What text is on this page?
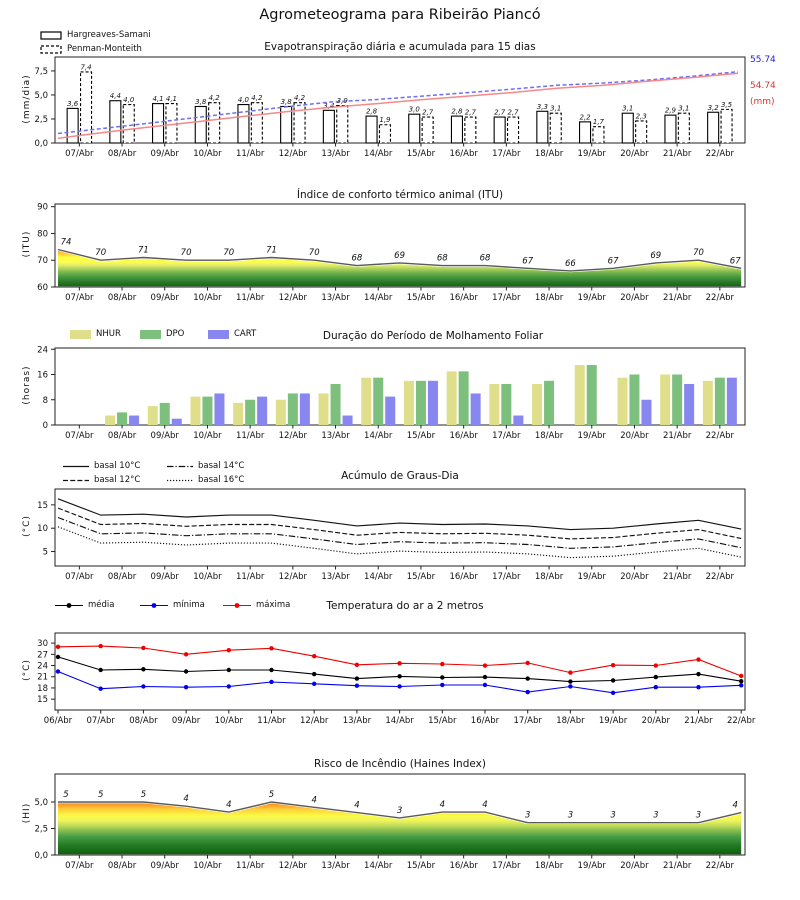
Agrometeograma para Ribeirão Piancó
Evapotranspiração diária e acumulada para 15 dias
Índice de conforto térmico animal (ITU)
Duração do Período de Molhamento Foliar
Acúmulo de Graus-Dia
Temperatura do ar a 2 metros
Risco de Incêndio (Haines Index)
(mm/dia)
(ITU)
(horas)
(°C)
(°C)
(HI)
Hargreaves-Samani
Penman-Monteith
55.74
54.74
(mm)
NHUR	DPO	CART
basal 10°C
basal 12°C
basal 14°C
basal 16°C
média	mínima	máxima
7,5
5,0
2,5
0,0
07/Abr 08/Abr 09/Abr 10/Abr 11/Abr 12/Abr 13/Abr 14/Abr 15/Abr 16/Abr 17/Abr 18/Abr 19/Abr 20/Abr 21/Abr 22/Abr
3,6
4,4	4,1	3,8	4,0	3,8	3,4
2,8	3,0	2,8	2,7
3,3
2,2
3,1	2,9	3,2
7,4
4,0	4,1	4,2	4,2	4,2	3,9
1,9
2,7	2,7	2,7	3,1
1,7
2,3
3,1	3,5
90
80
70
60
07/Abr 08/Abr 09/Abr 10/Abr 11/Abr 12/Abr 13/Abr 14/Abr 15/Abr 16/Abr 17/Abr 18/Abr 19/Abr 20/Abr 21/Abr 22/Abr
74
70	71	70	70	71	70
68	69	68	68	67	66	67
69	70
67
24
16
8
0
07/Abr 08/Abr 09/Abr 10/Abr 11/Abr 12/Abr 13/Abr 14/Abr 15/Abr 16/Abr 17/Abr 18/Abr 19/Abr 20/Abr 21/Abr 22/Abr
15
10
5
07/Abr 08/Abr 09/Abr 10/Abr 11/Abr 12/Abr 13/Abr 14/Abr 15/Abr 16/Abr 17/Abr 18/Abr 19/Abr 20/Abr 21/Abr 22/Abr
30
27
24
21
18
15
06/Abr 07/Abr 08/Abr 09/Abr 10/Abr 11/Abr 12/Abr 13/Abr 14/Abr 15/Abr 16/Abr 17/Abr 18/Abr 19/Abr 20/Abr 21/Abr 22/Abr
5,0
2,5
0,0
07/Abr 08/Abr 09/Abr 10/Abr 11/Abr 12/Abr 13/Abr 14/Abr 15/Abr 16/Abr 17/Abr 18/Abr 19/Abr 20/Abr 21/Abr 22/Abr
5	5	5	4
4
5
4
4
3
4	4
3	3	3	3	3
4
